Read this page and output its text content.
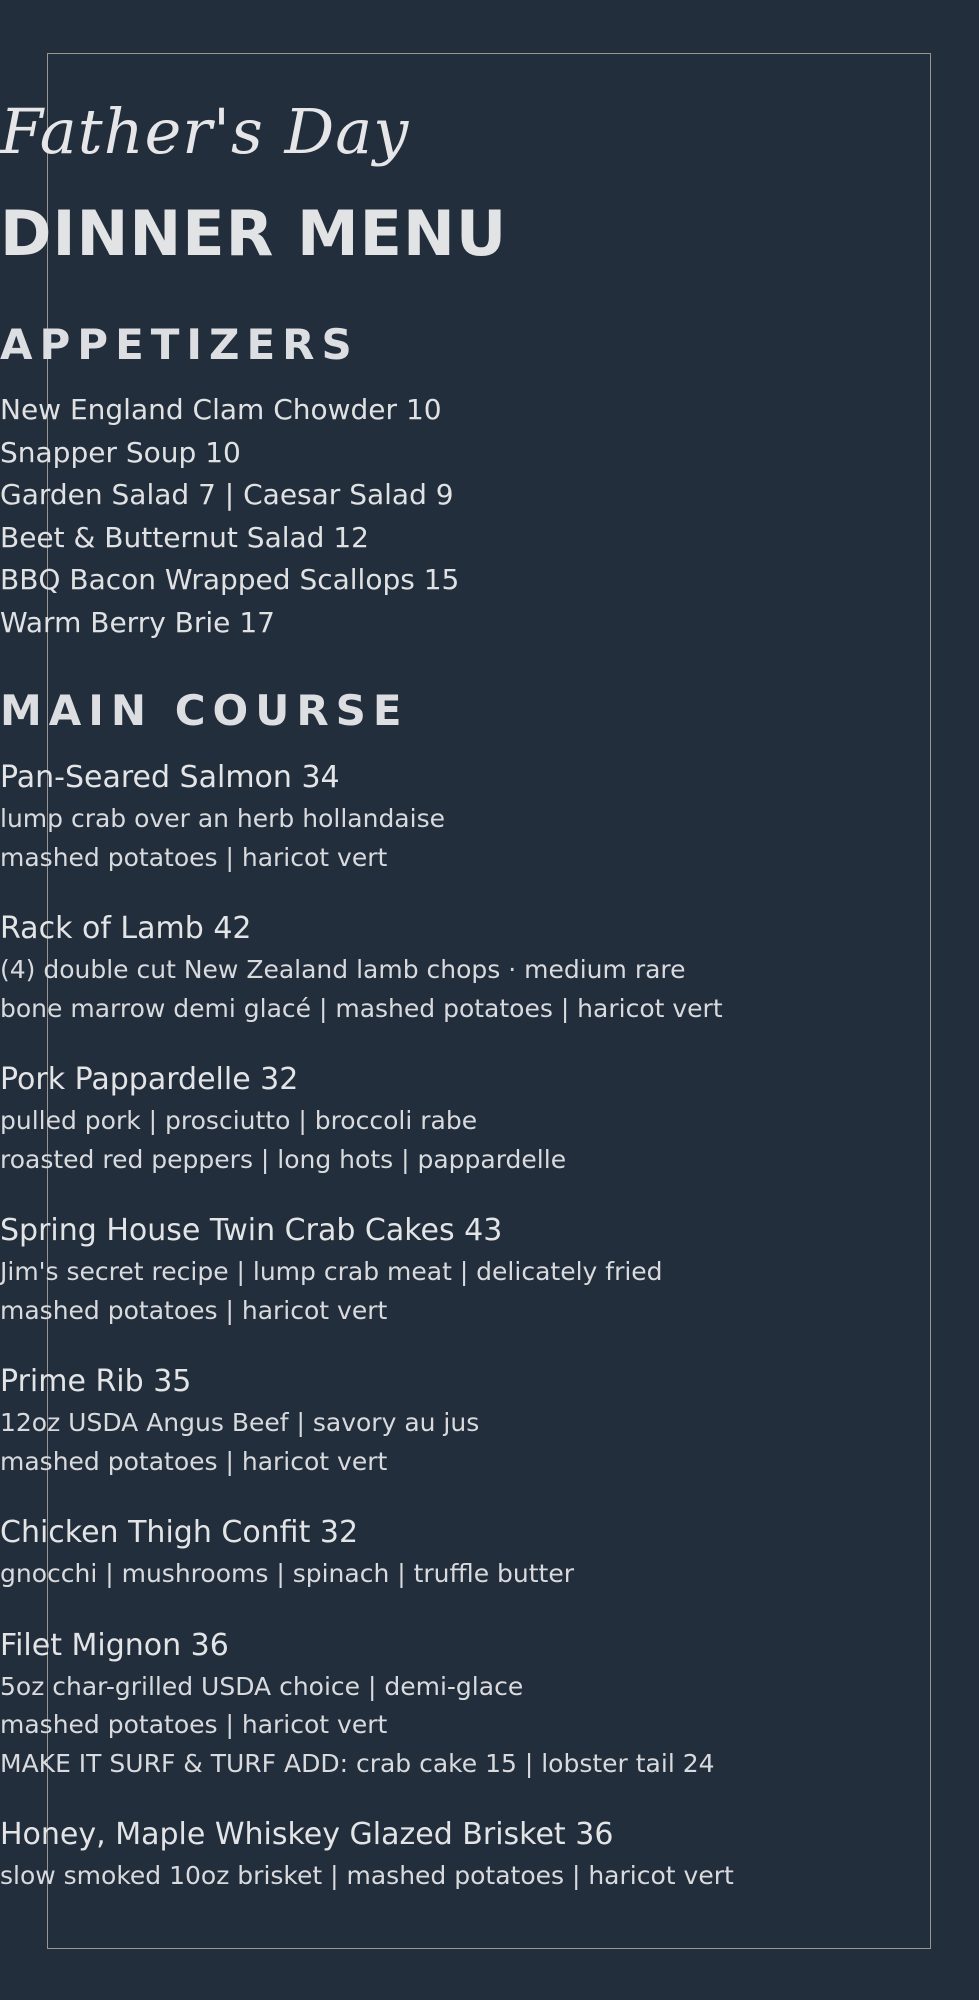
Father's Day
DINNER MENU
APPETIZERS
New England Clam Chowder 10
Snapper Soup 10
Garden Salad 7 | Caesar Salad 9
Beet & Butternut Salad 12
BBQ Bacon Wrapped Scallops 15
Warm Berry Brie 17
MAIN COURSE
Pan-Seared Salmon 34
lump crab over an herb hollandaise
mashed potatoes | haricot vert
Rack of Lamb 42
(4) double cut New Zealand lamb chops · medium rare
bone marrow demi glacé | mashed potatoes | haricot vert
Pork Pappardelle 32
pulled pork | prosciutto | broccoli rabe
roasted red peppers | long hots | pappardelle
Spring House Twin Crab Cakes 43
Jim's secret recipe | lump crab meat | delicately fried
mashed potatoes | haricot vert
Prime Rib 35
12oz USDA Angus Beef | savory au jus
mashed potatoes | haricot vert
Chicken Thigh Confit 32
gnocchi | mushrooms | spinach | truffle butter
Filet Mignon 36
5oz char-grilled USDA choice | demi-glace
mashed potatoes | haricot vert
MAKE IT SURF & TURF ADD: crab cake 15 | lobster tail 24
Honey, Maple Whiskey Glazed Brisket 36
slow smoked 10oz brisket | mashed potatoes | haricot vert
